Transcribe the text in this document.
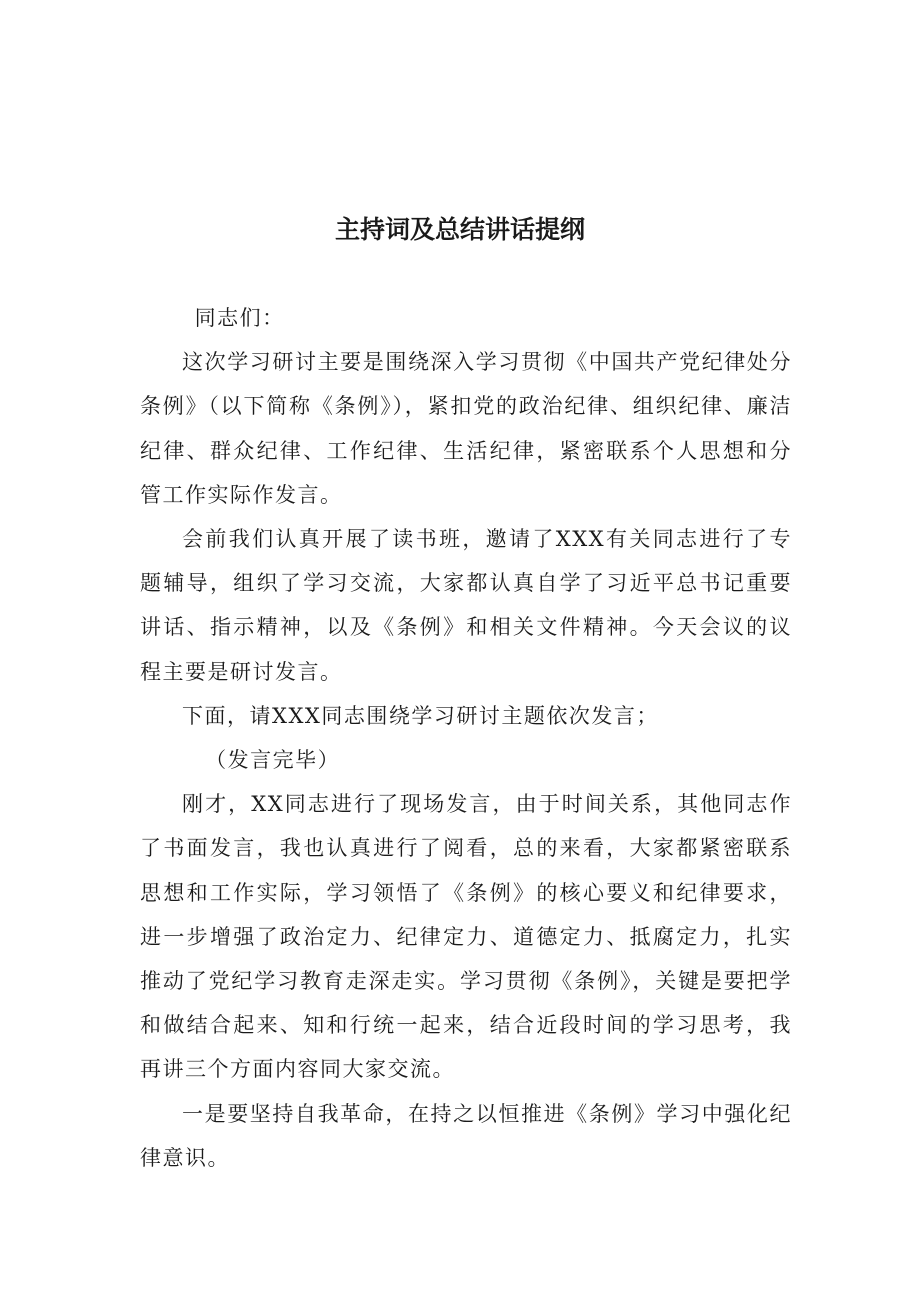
主持词及总结讲话提纲

同志们：

这次学习研讨主要是围绕深入学习贯彻《中国共产党纪律处分条例》（以下简称《条例》），紧扣党的政治纪律、组织纪律、廉洁纪律、群众纪律、工作纪律、生活纪律，紧密联系个人思想和分管工作实际作发言。

会前我们认真开展了读书班，邀请了XXX有关同志进行了专题辅导，组织了学习交流，大家都认真自学了习近平总书记重要讲话、指示精神，以及《条例》和相关文件精神。今天会议的议程主要是研讨发言。

下面，请XXX同志围绕学习研讨主题依次发言；

（发言完毕）

刚才，XX同志进行了现场发言，由于时间关系，其他同志作了书面发言，我也认真进行了阅看，总的来看，大家都紧密联系思想和工作实际，学习领悟了《条例》的核心要义和纪律要求，进一步增强了政治定力、纪律定力、道德定力、抵腐定力，扎实推动了党纪学习教育走深走实。学习贯彻《条例》，关键是要把学和做结合起来、知和行统一起来，结合近段时间的学习思考，我再讲三个方面内容同大家交流。

一是要坚持自我革命，在持之以恒推进《条例》学习中强化纪律意识。
